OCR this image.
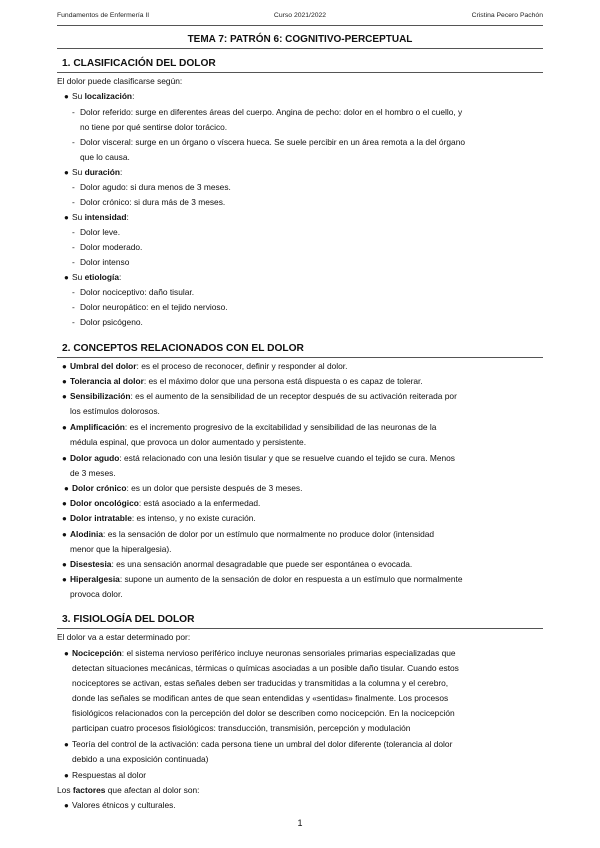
Fundamentos de Enfermería II	Curso 2021/2022	Cristina Pecero Pachón
TEMA 7: PATRÓN 6: COGNITIVO-PERCEPTUAL
1. CLASIFICACIÓN DEL DOLOR
El dolor puede clasificarse según:
● Su localización:
- Dolor referido: surge en diferentes áreas del cuerpo. Angina de pecho: dolor en el hombro o el cuello, y
no tiene por qué sentirse dolor torácico.
- Dolor visceral: surge en un órgano o víscera hueca. Se suele percibir en un área remota a la del órgano
que lo causa.
● Su duración:
- Dolor agudo: si dura menos de 3 meses.
- Dolor crónico: si dura más de 3 meses.
● Su intensidad:
- Dolor leve.
- Dolor moderado.
- Dolor intenso
● Su etiología:
- Dolor nociceptivo: daño tisular.
- Dolor neuropático: en el tejido nervioso.
- Dolor psicógeno.
2. CONCEPTOS RELACIONADOS CON EL DOLOR
● Umbral del dolor: es el proceso de reconocer, definir y responder al dolor.
● Tolerancia al dolor: es el máximo dolor que una persona está dispuesta o es capaz de tolerar.
● Sensibilización: es el aumento de la sensibilidad de un receptor después de su activación reiterada por
los estímulos dolorosos.
● Amplificación: es el incremento progresivo de la excitabilidad y sensibilidad de las neuronas de la
médula espinal, que provoca un dolor aumentado y persistente.
● Dolor agudo: está relacionado con una lesión tisular y que se resuelve cuando el tejido se cura. Menos
de 3 meses.
● Dolor crónico: es un dolor que persiste después de 3 meses.
● Dolor oncológico: está asociado a la enfermedad.
● Dolor intratable: es intenso, y no existe curación.
● Alodinia: es la sensación de dolor por un estímulo que normalmente no produce dolor (intensidad
menor que la hiperalgesia).
● Disestesia: es una sensación anormal desagradable que puede ser espontánea o evocada.
● Hiperalgesia: supone un aumento de la sensación de dolor en respuesta a un estímulo que normalmente
provoca dolor.
3. FISIOLOGÍA DEL DOLOR
El dolor va a estar determinado por:
● Nocicepción: el sistema nervioso periférico incluye neuronas sensoriales primarias especializadas que
detectan situaciones mecánicas, térmicas o químicas asociadas a un posible daño tisular. Cuando estos
nociceptores se activan, estas señales deben ser traducidas y transmitidas a la columna y el cerebro,
donde las señales se modifican antes de que sean entendidas y «sentidas» finalmente. Los procesos
fisiológicos relacionados con la percepción del dolor se describen como nocicepción. En la nocicepción
participan cuatro procesos fisiológicos: transducción, transmisión, percepción y modulación
● Teoría del control de la activación: cada persona tiene un umbral del dolor diferente (tolerancia al dolor
debido a una exposición continuada)
● Respuestas al dolor
Los factores que afectan al dolor son:
● Valores étnicos y culturales.
1
